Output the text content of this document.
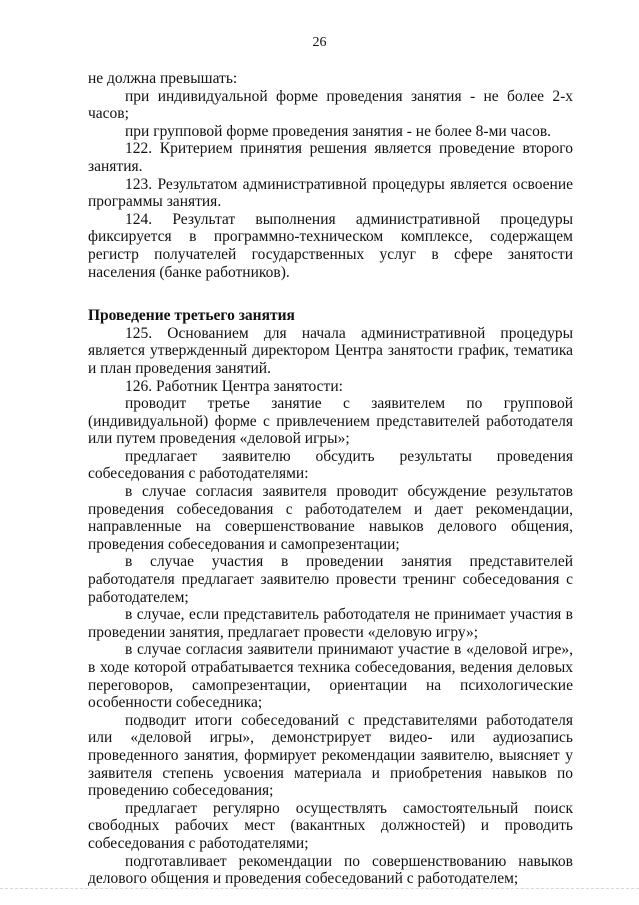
26

не должна превышать:

при индивидуальной форме проведения занятия - не более 2-х часов;

при групповой форме проведения занятия - не более 8-ми часов.

122. Критерием принятия решения является проведение второго занятия.

123. Результатом административной процедуры является освоение программы занятия.

124. Результат выполнения административной процедуры фиксируется в программно-техническом комплексе, содержащем регистр получателей государственных услуг в сфере занятости населения (банке работников).

Проведение третьего занятия

125. Основанием для начала административной процедуры является утвержденный директором Центра занятости график, тематика и план проведения занятий.

126. Работник Центра занятости:

проводит третье занятие с заявителем по групповой (индивидуальной) форме с привлечением представителей работодателя или путем проведения «деловой игры»;

предлагает заявителю обсудить результаты проведения собеседования с работодателями:

в случае согласия заявителя проводит обсуждение результатов проведения собеседования с работодателем и дает рекомендации, направленные на совершенствование навыков делового общения, проведения собеседования и самопрезентации;

в случае участия в проведении занятия представителей работодателя предлагает заявителю провести тренинг собеседования с работодателем;

в случае, если представитель работодателя не принимает участия в проведении занятия, предлагает провести «деловую игру»;

в случае согласия заявители принимают участие в «деловой игре», в ходе которой отрабатывается техника собеседования, ведения деловых переговоров, самопрезентации, ориентации на психологические особенности собеседника;

подводит итоги собеседований с представителями работодателя или «деловой игры», демонстрирует видео- или аудиозапись проведенного занятия, формирует рекомендации заявителю, выясняет у заявителя степень усвоения материала и приобретения навыков по проведению собеседования;

предлагает регулярно осуществлять самостоятельный поиск свободных рабочих мест (вакантных должностей) и проводить собеседования с работодателями;

подготавливает рекомендации по совершенствованию навыков делового общения и проведения собеседований с работодателем;
